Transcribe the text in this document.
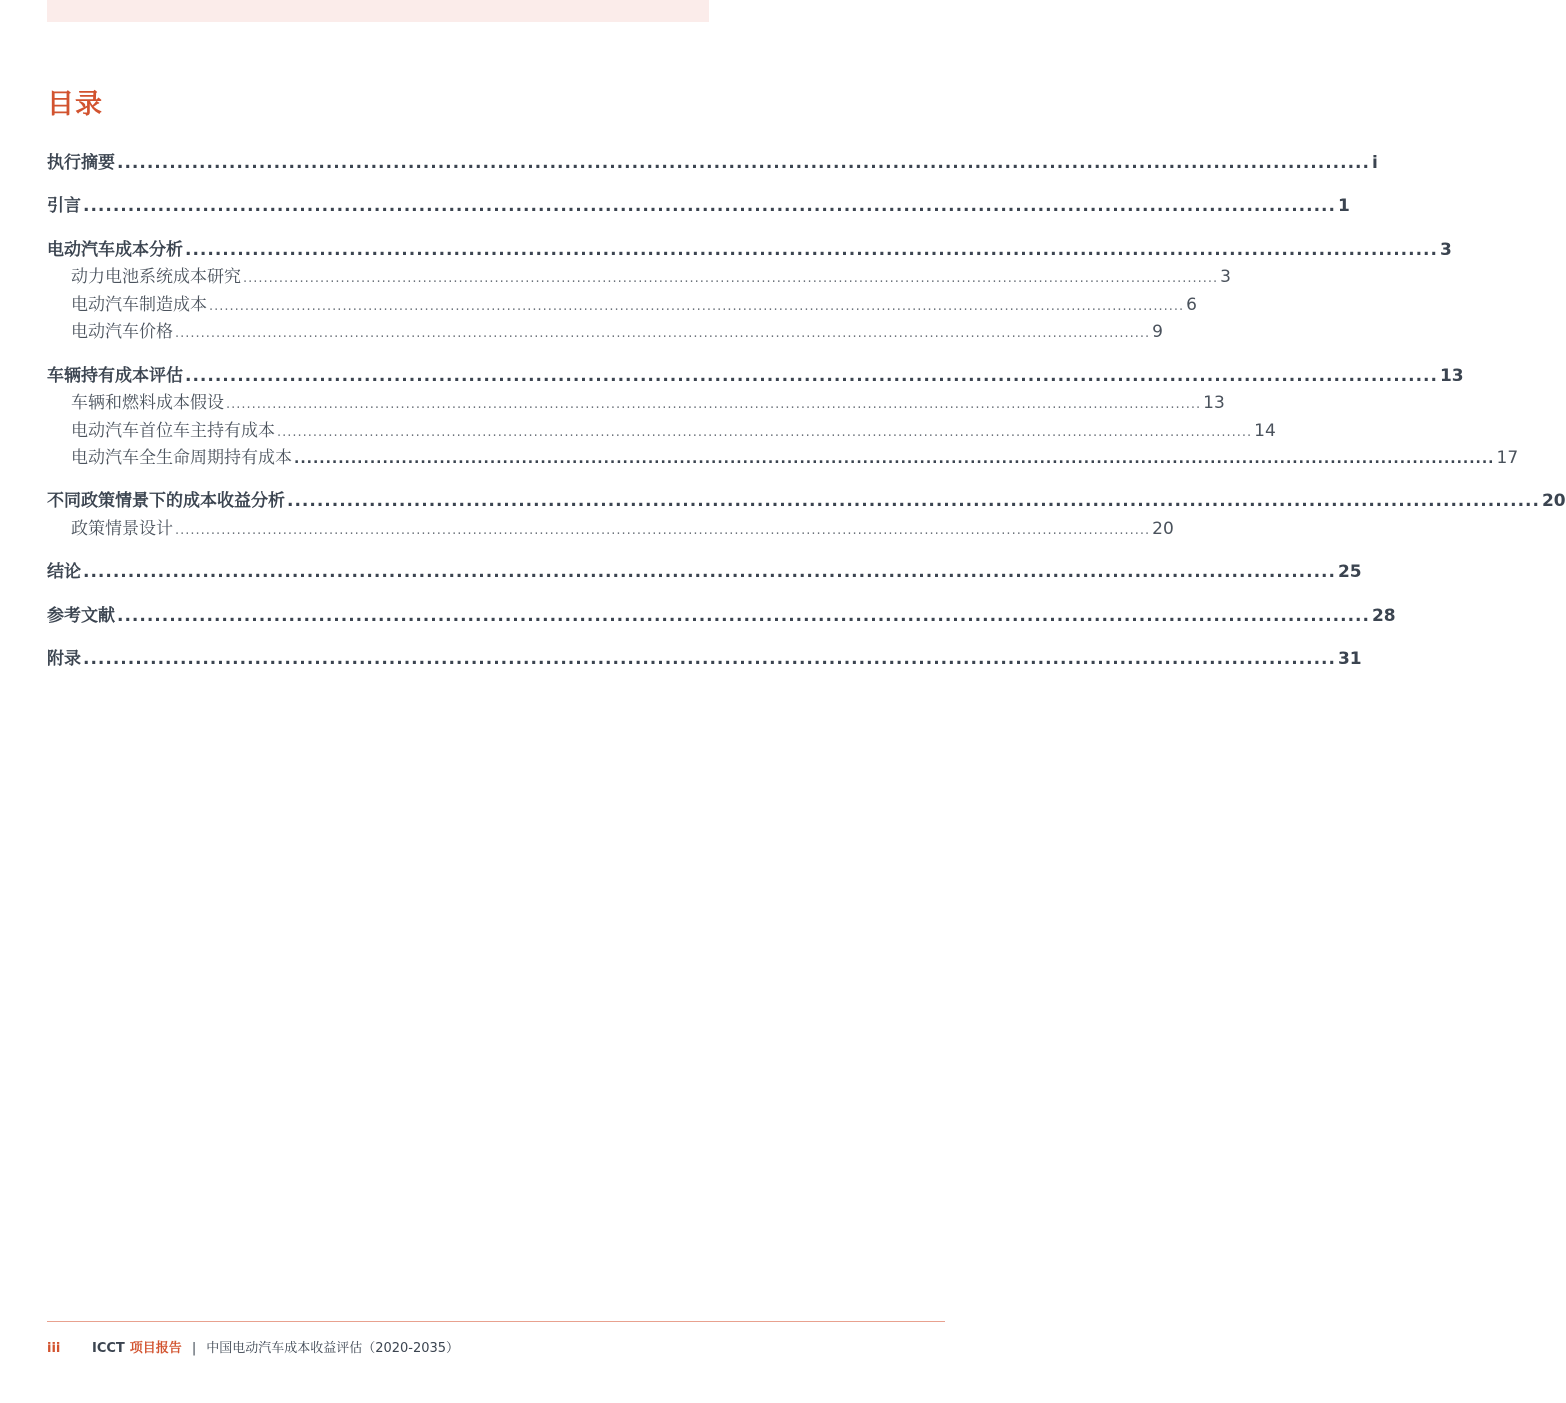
目录
执行摘要 ........................................................................................................................................................................ i
引言 ........................................................................................................................................................................ 1
电动汽车成本分析 ........................................................................................................................................................................ 3
动力电池系统成本研究 .............................................................................................................................................................................................. 3
电动汽车制造成本 .............................................................................................................................................................................................. 6
电动汽车价格 .............................................................................................................................................................................................. 9
车辆持有成本评估 ........................................................................................................................................................................ 13
车辆和燃料成本假设 .............................................................................................................................................................................................. 13
电动汽车首位车主持有成本 .............................................................................................................................................................................................. 14
电动汽车全生命周期持有成本 .............................................................................................................................................................................................. 17
不同政策情景下的成本收益分析 ........................................................................................................................................................................ 20
政策情景设计 .............................................................................................................................................................................................. 20
结论 ........................................................................................................................................................................ 25
参考文献 ........................................................................................................................................................................ 28
附录 ........................................................................................................................................................................ 31
iii	ICCT 项目报告 | 中国电动汽车成本收益评估（2020-2035）
